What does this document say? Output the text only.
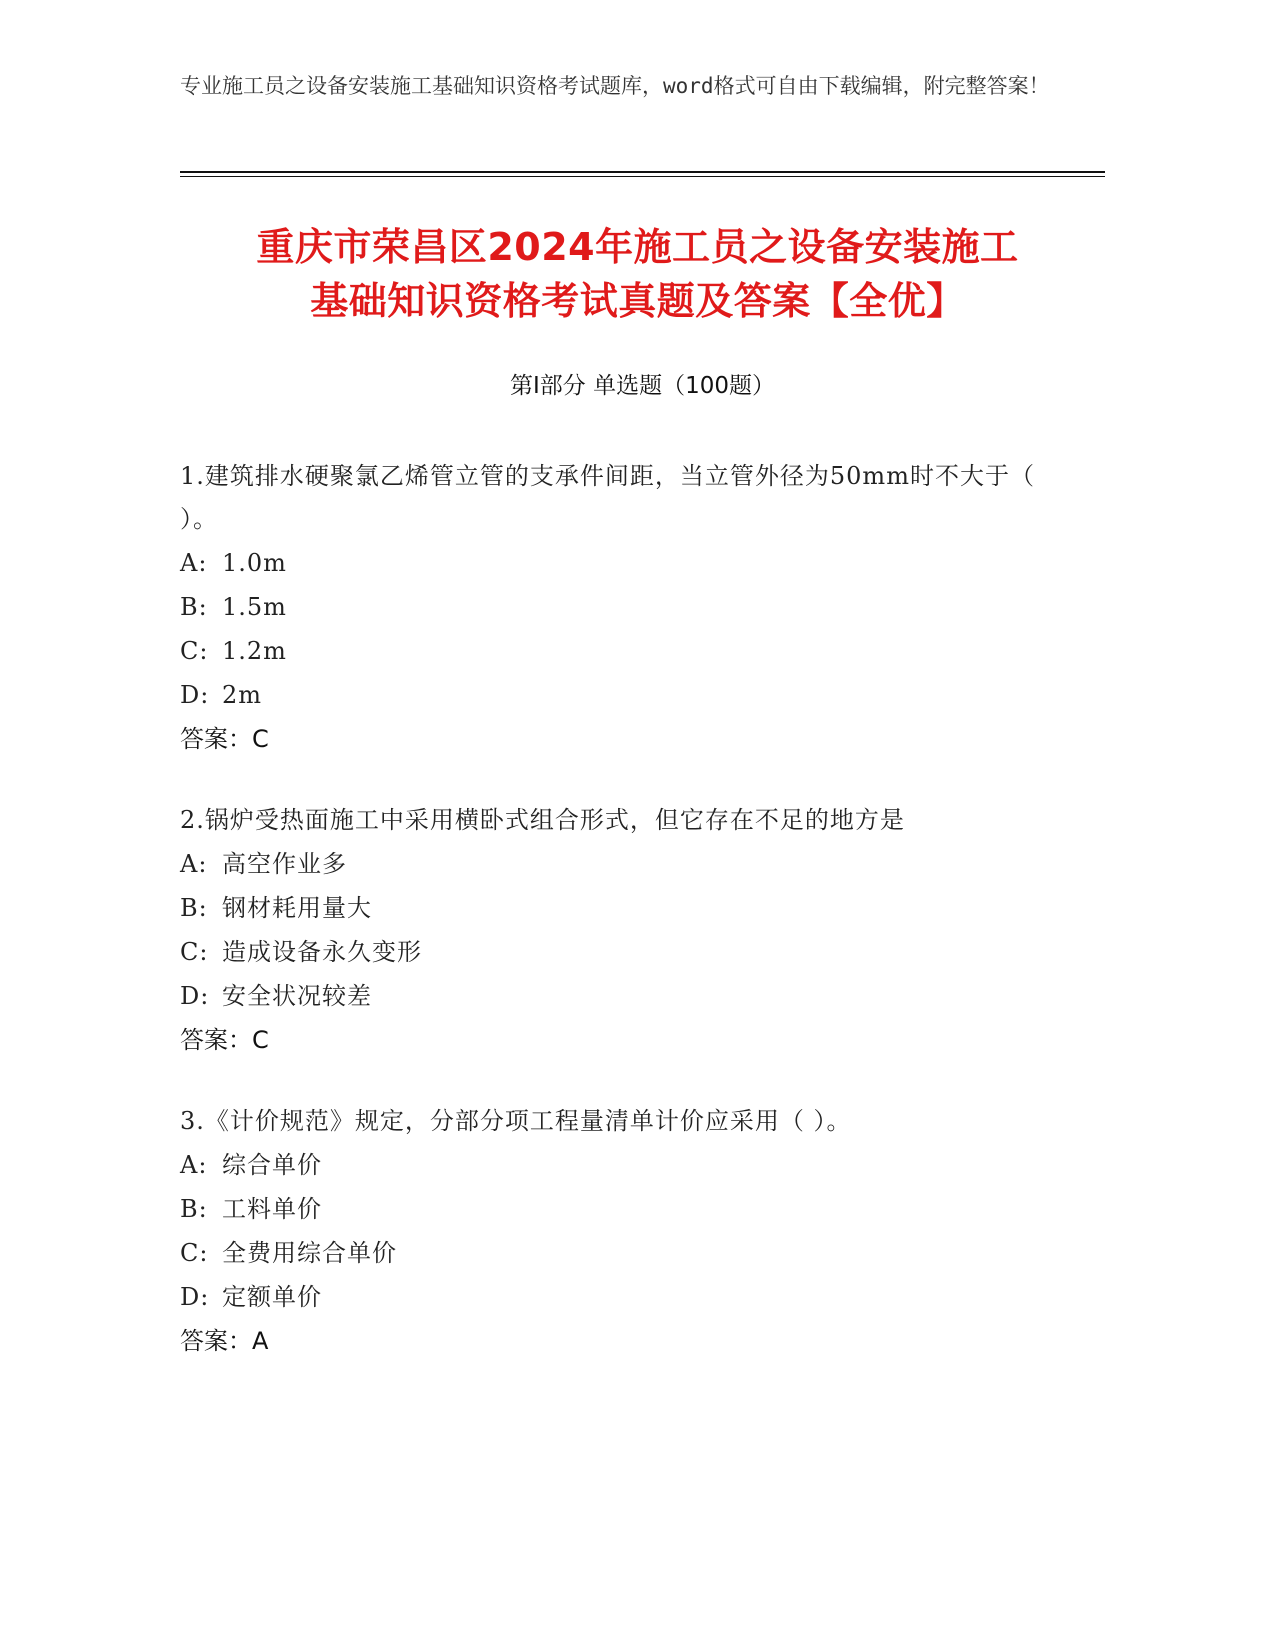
专业施工员之设备安装施工基础知识资格考试题库，word格式可自由下载编辑，附完整答案！
重庆市荣昌区2024年施工员之设备安装施工
基础知识资格考试真题及答案【全优】
第I部分 单选题（100题）
1.建筑排水硬聚氯乙烯管立管的支承件间距，当立管外径为50mm时不大于（ ）。
A: 1.0m
B: 1.5m
C: 1.2m
D: 2m
答案：C
2.锅炉受热面施工中采用横卧式组合形式，但它存在不足的地方是
A: 高空作业多
B: 钢材耗用量大
C: 造成设备永久变形
D: 安全状况较差
答案：C
3.《计价规范》规定，分部分项工程量清单计价应采用（ ）。
A: 综合单价
B: 工料单价
C: 全费用综合单价
D: 定额单价
答案：A
